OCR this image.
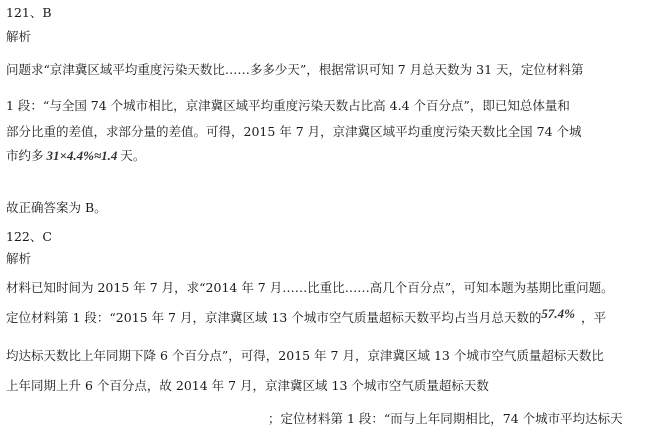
121、B
解析
问题求“京津冀区域平均重度污染天数比……多多少天”，根据常识可知 7 月总天数为 31 天，定位材料第
1 段：“与全国 74 个城市相比，京津冀区域平均重度污染天数占比高 4.4 个百分点”，即已知总体量和
部分比重的差值，求部分量的差值。可得，2015 年 7 月，京津冀区域平均重度污染天数比全国 74 个城
市约多 31×4.4%≈1.4 天。
故正确答案为 B。
122、C
解析
材料已知时间为 2015 年 7 月，求“2014 年 7 月……比重比……高几个百分点”，可知本题为基期比重问题。
定位材料第 1 段：“2015 年 7 月，京津冀区域 13 个城市空气质量超标天数平均占当月总天数的57.4% ，平
均达标天数比上年同期下降 6 个百分点”，可得，2015 年 7 月，京津冀区域 13 个城市空气质量超标天数比
上年同期上升 6 个百分点，故 2014 年 7 月，京津冀区域 13 个城市空气质量超标天数
；定位材料第 1 段：“而与上年同期相比，74 个城市平均达标天
